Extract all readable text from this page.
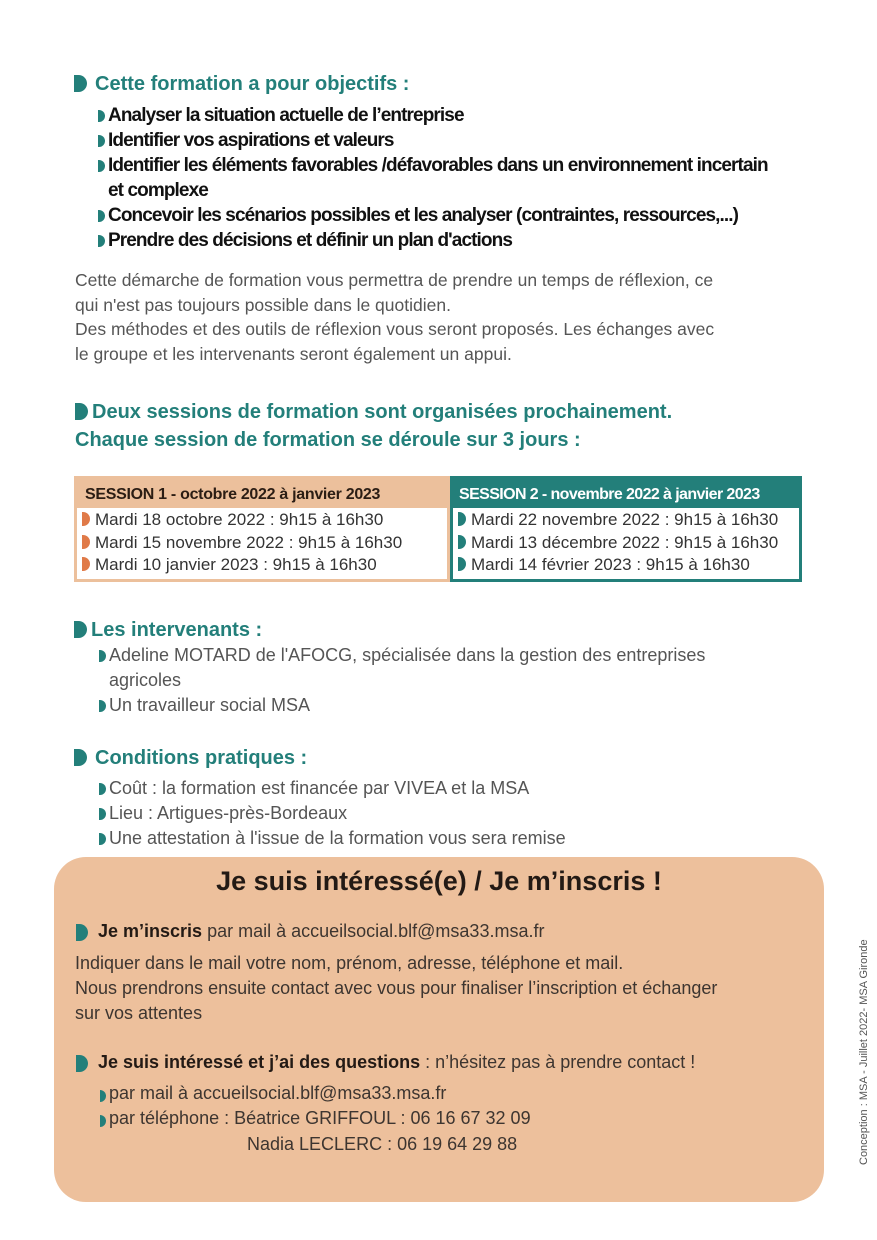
Cette formation a pour objectifs :
Analyser la situation actuelle de l’entreprise
Identifier vos aspirations et valeurs
Identifier les éléments favorables /défavorables dans un environnement incertain
et complexe
Concevoir les scénarios possibles et les analyser (contraintes, ressources,...)
Prendre des décisions et définir un plan d'actions
Cette démarche de formation vous permettra de prendre un temps de réflexion, ce
qui n'est pas toujours possible dans le quotidien.
Des méthodes et des outils de réflexion vous seront proposés. Les échanges avec
le groupe et les intervenants seront également un appui.
Deux sessions de formation sont organisées prochainement.
Chaque session de formation se déroule sur 3 jours :
SESSION 1 - octobre 2022 à janvier 2023
Mardi 18 octobre 2022 : 9h15 à 16h30
Mardi 15 novembre 2022 : 9h15 à 16h30
Mardi 10 janvier 2023 : 9h15 à 16h30
SESSION 2 - novembre 2022 à janvier 2023
Mardi 22 novembre 2022 : 9h15 à 16h30
Mardi 13 décembre 2022 : 9h15 à 16h30
Mardi 14 février 2023 : 9h15 à 16h30
Les intervenants :
Adeline MOTARD de l'AFOCG, spécialisée dans la gestion des entreprises
agricoles
Un travailleur social MSA
Conditions pratiques :
Coût : la formation est financée par VIVEA et la MSA
Lieu : Artigues-près-Bordeaux
Une attestation à l'issue de la formation vous sera remise
Je suis intéressé(e) / Je m’inscris !
Je m’inscris par mail à accueilsocial.blf@msa33.msa.fr
Indiquer dans le mail votre nom, prénom, adresse, téléphone et mail.
Nous prendrons ensuite contact avec vous pour finaliser l’inscription et échanger
sur vos attentes
Je suis intéressé et j’ai des questions : n’hésitez pas à prendre contact !
par mail à accueilsocial.blf@msa33.msa.fr
par téléphone : Béatrice GRIFFOUL : 06 16 67 32 09
Nadia LECLERC : 06 19 64 29 88	Conception : MSA - Juillet 2022- MSA Gironde
